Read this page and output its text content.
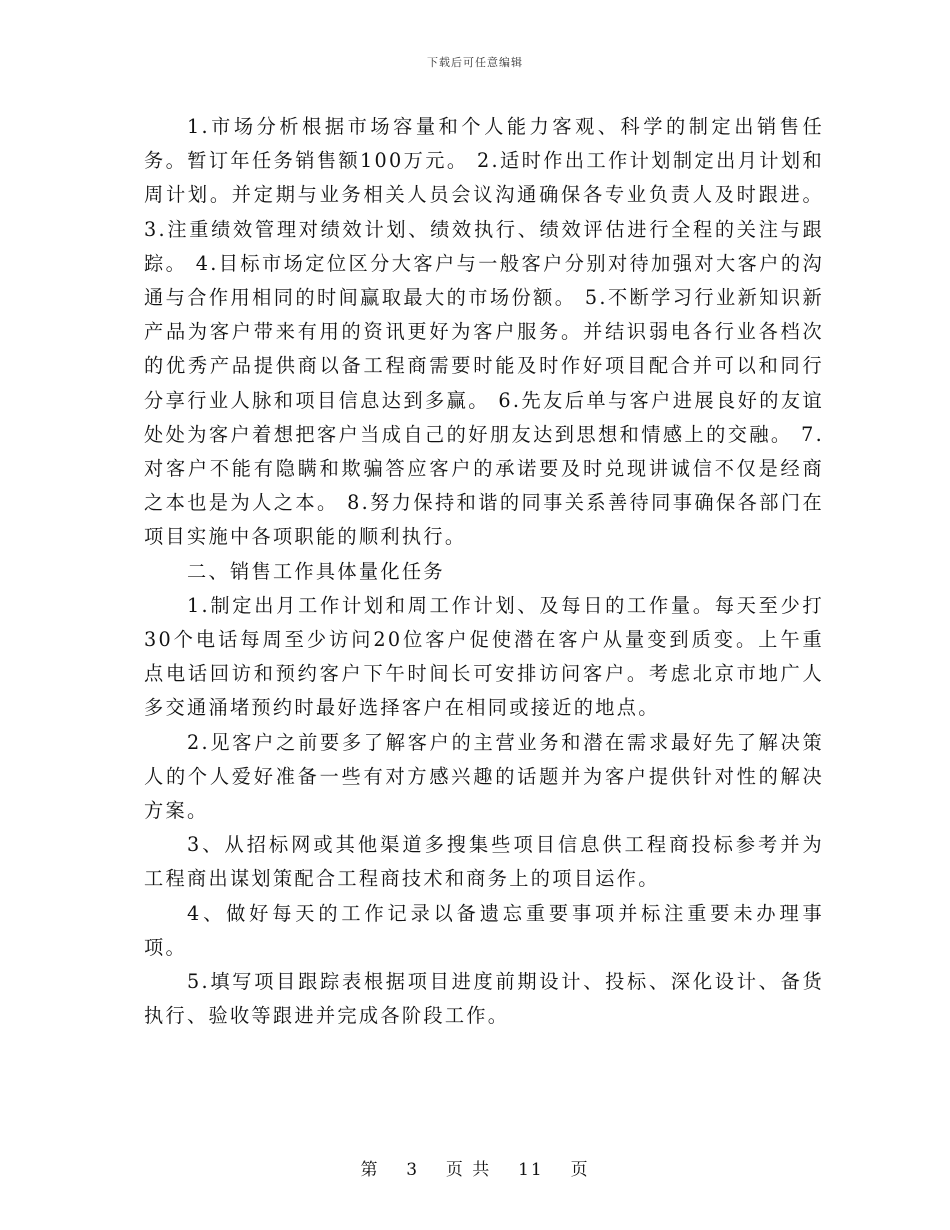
下载后可任意编辑

1.市场分析根据市场容量和个人能力客观、科学的制定出销售任务。暂订年任务销售额100万元。 2.适时作出工作计划制定出月计划和周计划。并定期与业务相关人员会议沟通确保各专业负责人及时跟进。 3.注重绩效管理对绩效计划、绩效执行、绩效评估进行全程的关注与跟踪。 4.目标市场定位区分大客户与一般客户分别对待加强对大客户的沟通与合作用相同的时间赢取最大的市场份额。 5.不断学习行业新知识新产品为客户带来有用的资讯更好为客户服务。并结识弱电各行业各档次的优秀产品提供商以备工程商需要时能及时作好项目配合并可以和同行分享行业人脉和项目信息达到多赢。 6.先友后单与客户进展良好的友谊处处为客户着想把客户当成自己的好朋友达到思想和情感上的交融。 7.对客户不能有隐瞒和欺骗答应客户的承诺要及时兑现讲诚信不仅是经商之本也是为人之本。 8.努力保持和谐的同事关系善待同事确保各部门在项目实施中各项职能的顺利执行。

二、销售工作具体量化任务

1.制定出月工作计划和周工作计划、及每日的工作量。每天至少打30个电话每周至少访问20位客户促使潜在客户从量变到质变。上午重点电话回访和预约客户下午时间长可安排访问客户。考虑北京市地广人多交通涌堵预约时最好选择客户在相同或接近的地点。

2.见客户之前要多了解客户的主营业务和潜在需求最好先了解决策人的个人爱好准备一些有对方感兴趣的话题并为客户提供针对性的解决方案。

3、从招标网或其他渠道多搜集些项目信息供工程商投标参考并为工程商出谋划策配合工程商技术和商务上的项目运作。

4、做好每天的工作记录以备遗忘重要事项并标注重要未办理事项。

5.填写项目跟踪表根据项目进度前期设计、投标、深化设计、备货执行、验收等跟进并完成各阶段工作。

第 3 页 共 11 页
